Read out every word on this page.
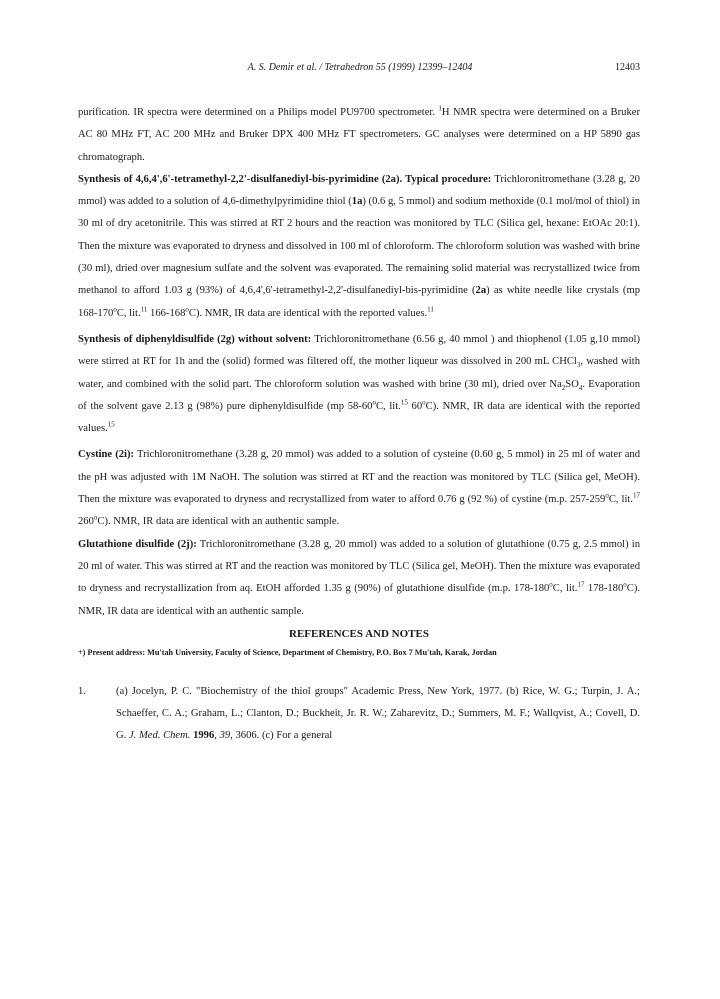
A. S. Demir et al. / Tetrahedron 55 (1999) 12399–12404	12403

purification. IR spectra were determined on a Philips model PU9700 spectrometer. $^1$H NMR spectra were determined on a Bruker AC 80 MHz FT, AC 200 MHz and Bruker DPX 400 MHz FT spectrometers. GC analyses were determined on a HP 5890 gas chromatograph.

Synthesis of 4,6,4',6'-tetramethyl-2,2'-disulfanediyl-bis-pyrimidine (2a). Typical procedure: Trichloronitromethane (3.28 g, 20 mmol) was added to a solution of 4,6-dimethylpyrimidine thiol (1a) (0.6 g, 5 mmol) and sodium methoxide (0.1 mol/mol of thiol) in 30 ml of dry acetonitrile. This was stirred at RT 2 hours and the reaction was monitored by TLC (Silica gel, hexane: EtOAc 20:1). Then the mixture was evaporated to dryness and dissolved in 100 ml of chloroform. The chloroform solution was washed with brine (30 ml), dried over magnesium sulfate and the solvent was evaporated. The remaining solid material was recrystallized twice from methanol to afford 1.03 g (93%) of 4,6,4',6'-tetramethyl-2,2'-disulfanediyl-bis-pyrimidine (2a) as white needle like crystals (mp 168-170$^o$C, lit.$^{11}$ 166-168$^o$C). NMR, IR data are identical with the reported values.$^{11}$

Synthesis of diphenyldisulfide (2g) without solvent: Trichloronitromethane (6.56 g, 40 mmol ) and thiophenol (1.05 g,10 mmol) were stirred at RT for 1h and the (solid) formed was filtered off, the mother liqueur was dissolved in 200 mL CHCl$_3$, washed with water, and combined with the solid part. The chloroform solution was washed with brine (30 ml), dried over $Na_2SO_4$. Evaporation of the solvent gave 2.13 g (98%) pure diphenyldisulfide (mp 58-60$^o$C, lit.$^{15}$ 60$^o$C). NMR, IR data are identical with the reported values.$^{15}$

Cystine (2i): Trichloronitromethane (3.28 g, 20 mmol) was added to a solution of cysteine (0.60 g, 5 mmol) in 25 ml of water and the pH was adjusted with 1M NaOH. The solution was stirred at RT and the reaction was monitored by TLC (Silica gel, MeOH). Then the mixture was evaporated to dryness and recrystallized from water to afford 0.76 g (92 %) of cystine (m.p. 257-259$^o$C, lit.$^{17}$ 260$^o$C). NMR, IR data are identical with an authentic sample.

Glutathione disulfide (2j): Trichloronitromethane (3.28 g, 20 mmol) was added to a solution of glutathione (0.75 g, 2.5 mmol) in 20 ml of water. This was stirred at RT and the reaction was monitored by TLC (Silica gel, MeOH). Then the mixture was evaporated to dryness and recrystallization from aq. EtOH afforded 1.35 g (90%) of glutathione disulfide (m.p. 178-180$^o$C, lit.$^{17}$ 178-180$^o$C). NMR, IR data are identical with an authentic sample.

REFERENCES AND NOTES

+) Present address: Mu'tah University, Faculty of Science, Department of Chemistry, P.O. Box 7 Mu'tah, Karak, Jordan

1.	(a) Jocelyn, P. C. "Biochemistry of the thiol groups" Academic Press, New York, 1977. (b) Rice, W. G.; Turpin, J. A.; Schaeffer, C. A.; Graham, L.; Clanton, D.; Buckheit, Jr. R. W.; Zaharevitz, D.; Summers, M. F.; Wallqvist, A.; Covell, D. G. J. Med. Chem. 1996, 39, 3606. (c) For a general
